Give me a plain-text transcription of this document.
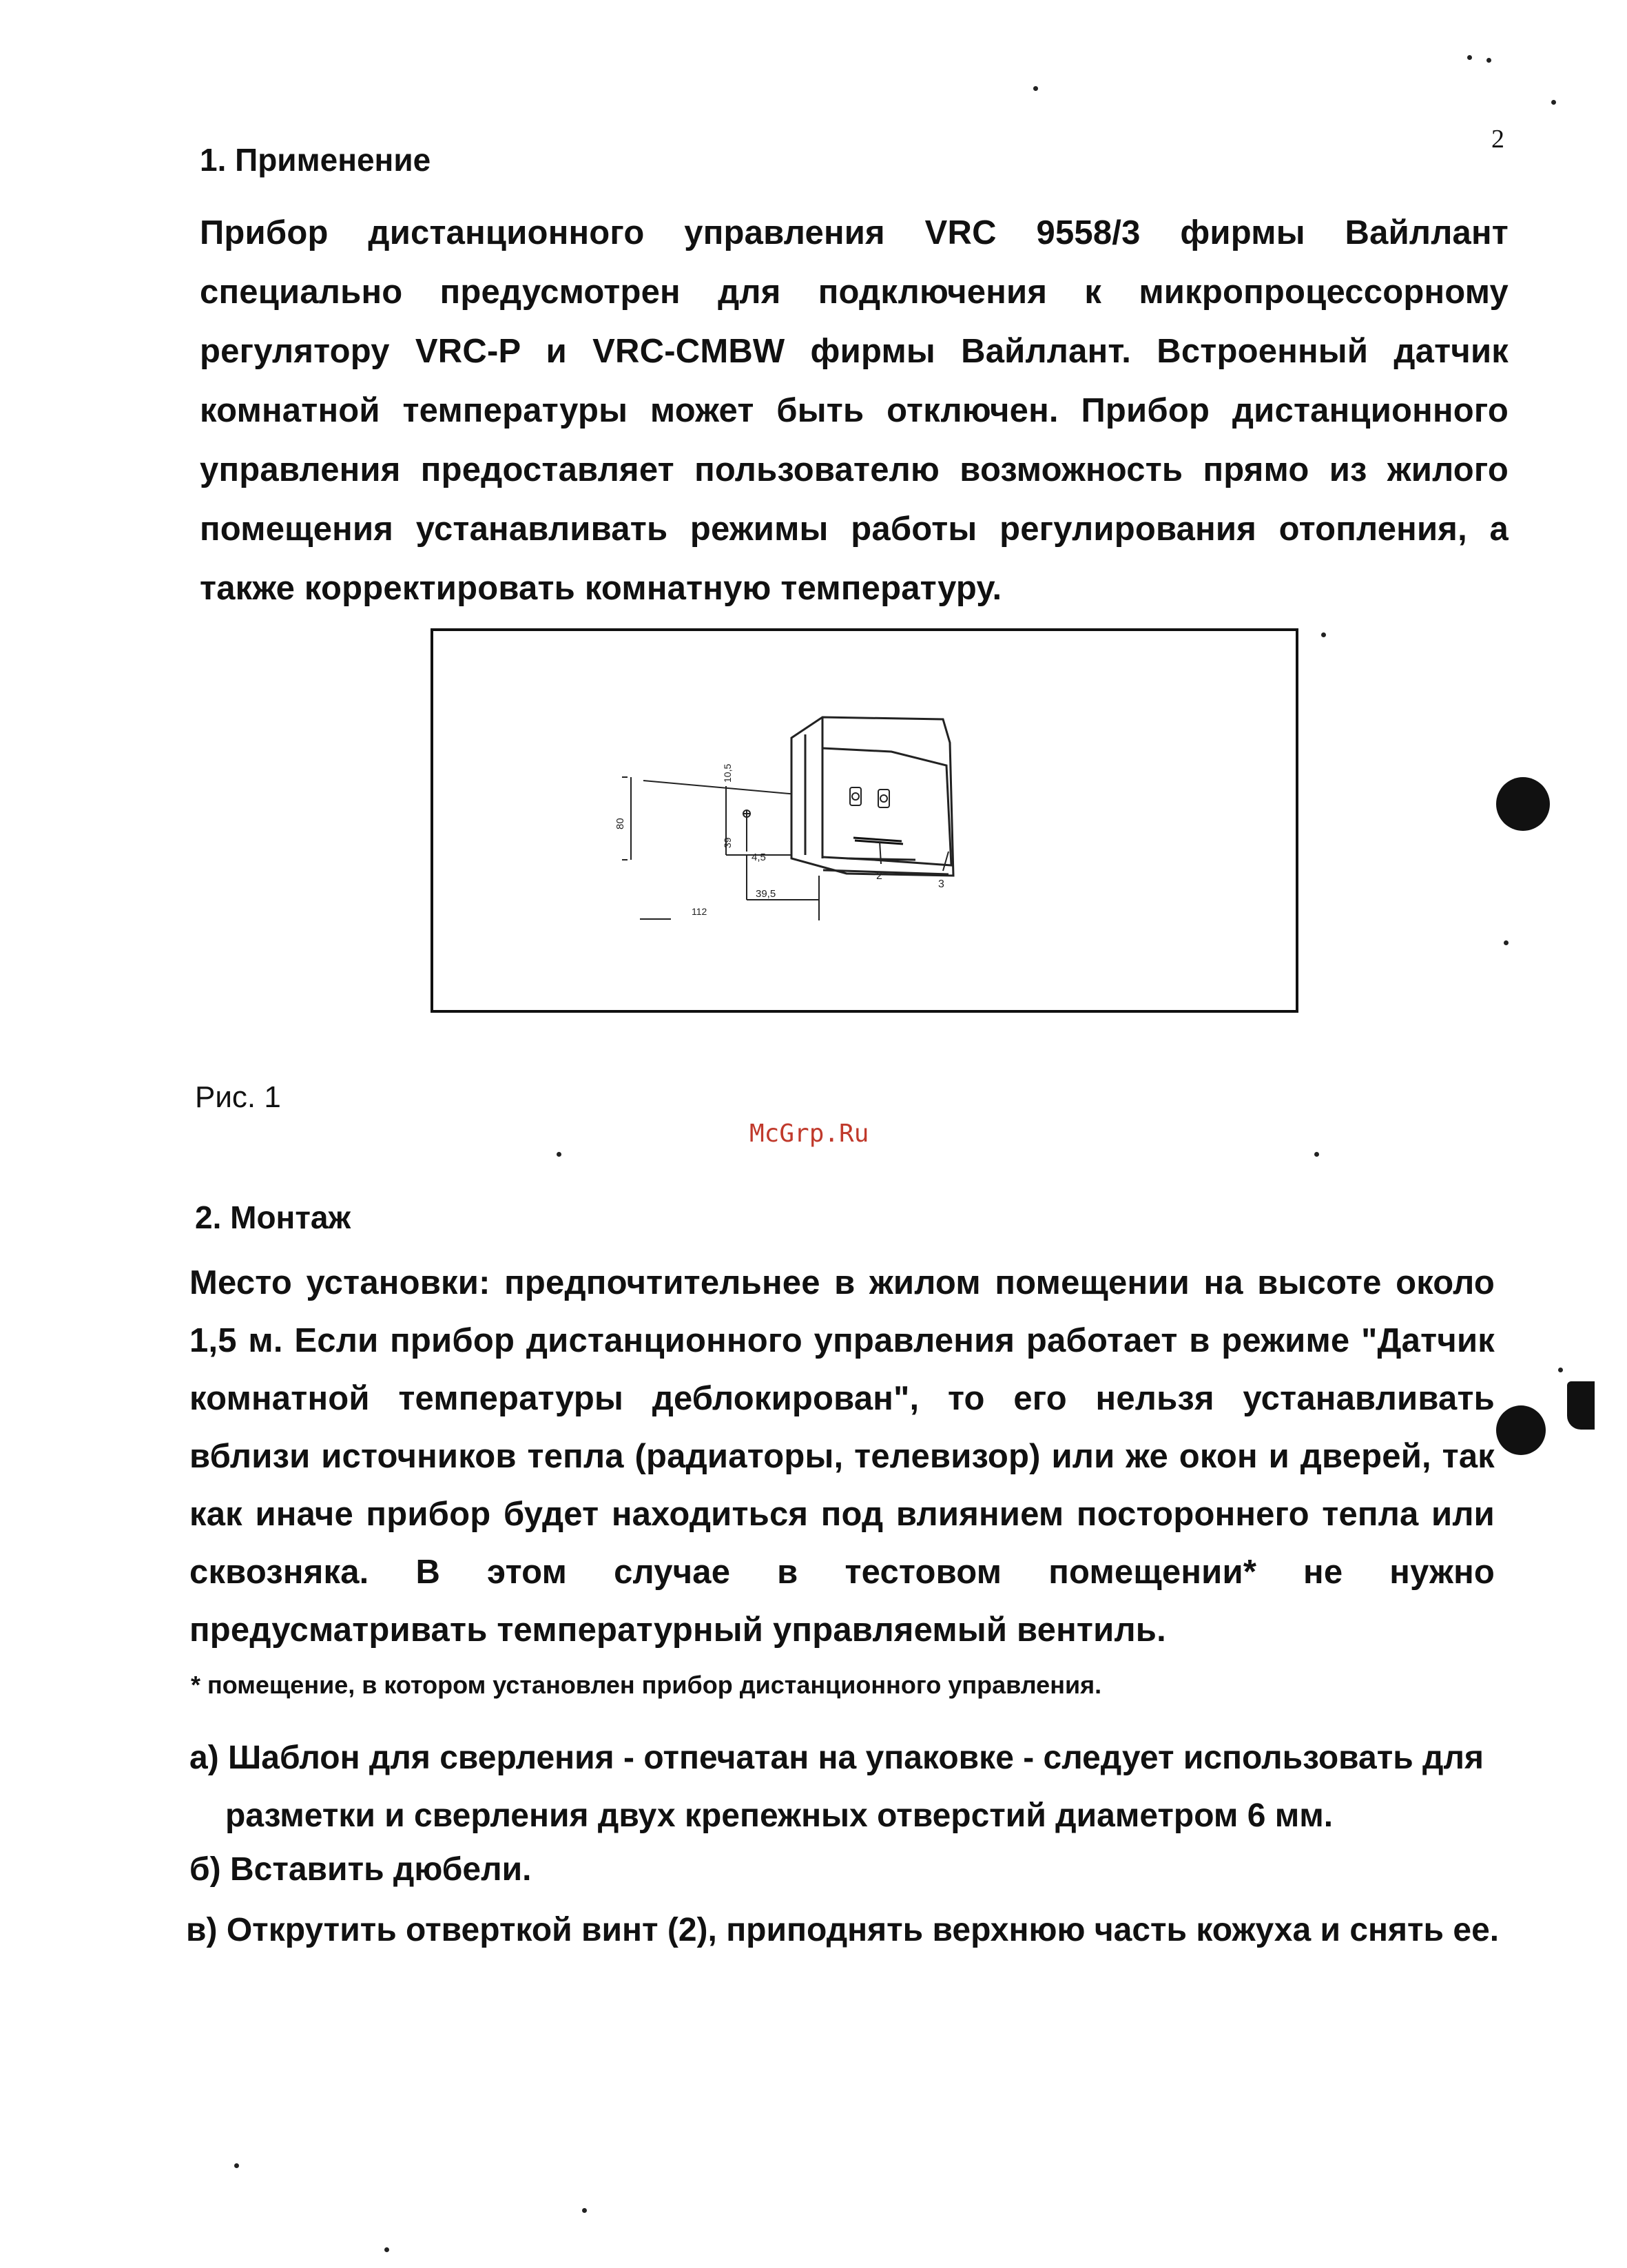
2
1. Применение

Прибор дистанционного управления VRC 9558/3 фирмы Вайллант специально предусмотрен для подключения к микропроцессорному регулятору VRC-P и VRC-CMBW фирмы Вайллант. Встроенный датчик комнатной температуры может быть отключен. Прибор дистанционного управления предоставляет пользователю возможность прямо из жилого помещения устанавливать режимы работы регулирования отопления, а также корректировать комнатную температуру.

80
10,5
39
4,5
39,5
112
2
3
Рис. 1
McGrp.Ru
2. Монтаж

Место установки: предпочтительнее в жилом помещении на высоте около 1,5 м. Если прибор дистанционного управления работает в режиме "Датчик комнатной температуры деблокирован", то его нельзя устанавливать вблизи источников тепла (радиаторы, телевизор) или же окон и дверей, так как иначе прибор будет находиться под влиянием постороннего тепла или сквозняка. В этом случае в тестовом помещении* не нужно предусматривать температурный управляемый вентиль.

* помещение, в котором установлен прибор дистанционного управления.

а) Шаблон для сверления - отпечатан на упаковке - следует использовать для
разметки и сверления двух крепежных отверстий диаметром 6 мм.

б) Вставить дюбели.

в) Открутить отверткой винт (2), приподнять верхнюю часть кожуха и снять ее.
